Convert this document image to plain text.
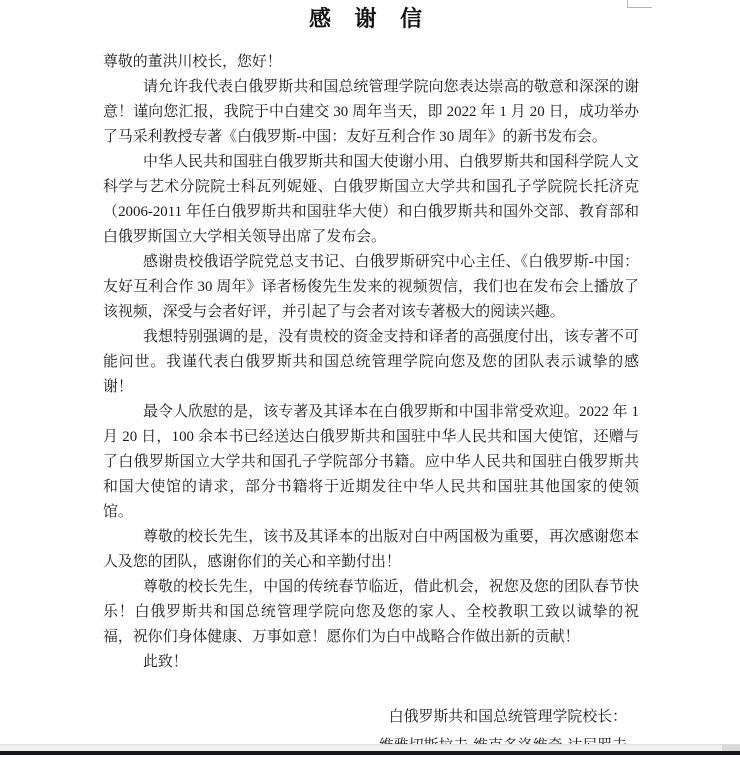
感 谢 信

尊敬的董洪川校长，您好！

请允许我代表白俄罗斯共和国总统管理学院向您表达崇高的敬意和深深的谢意！谨向您汇报，我院于中白建交 30 周年当天，即 2022 年 1 月 20 日，成功举办了马采利教授专著《白俄罗斯-中国：友好互利合作 30 周年》的新书发布会。

中华人民共和国驻白俄罗斯共和国大使谢小用、白俄罗斯共和国科学院人文科学与艺术分院院士科瓦列妮娅、白俄罗斯国立大学共和国孔子学院院长托济克（2006-2011 年任白俄罗斯共和国驻华大使）和白俄罗斯共和国外交部、教育部和白俄罗斯国立大学相关领导出席了发布会。

感谢贵校俄语学院党总支书记、白俄罗斯研究中心主任、《白俄罗斯-中国：友好互利合作 30 周年》译者杨俊先生发来的视频贺信，我们也在发布会上播放了该视频，深受与会者好评，并引起了与会者对该专著极大的阅读兴趣。

我想特别强调的是，没有贵校的资金支持和译者的高强度付出，该专著不可能问世。我谨代表白俄罗斯共和国总统管理学院向您及您的团队表示诚挚的感谢！

最令人欣慰的是，该专著及其译本在白俄罗斯和中国非常受欢迎。2022 年 1 月 20 日，100 余本书已经送达白俄罗斯共和国驻中华人民共和国大使馆，还赠与了白俄罗斯国立大学共和国孔子学院部分书籍。应中华人民共和国驻白俄罗斯共和国大使馆的请求，部分书籍将于近期发往中华人民共和国驻其他国家的使领馆。

尊敬的校长先生，该书及其译本的出版对白中两国极为重要，再次感谢您本人及您的团队，感谢你们的关心和辛勤付出！

尊敬的校长先生，中国的传统春节临近，借此机会，祝您及您的团队春节快乐！白俄罗斯共和国总统管理学院向您及您的家人、全校教职工致以诚挚的祝福，祝你们身体健康、万事如意！愿你们为白中战略合作做出新的贡献！

此致！

白俄罗斯共和国总统管理学院校长：
